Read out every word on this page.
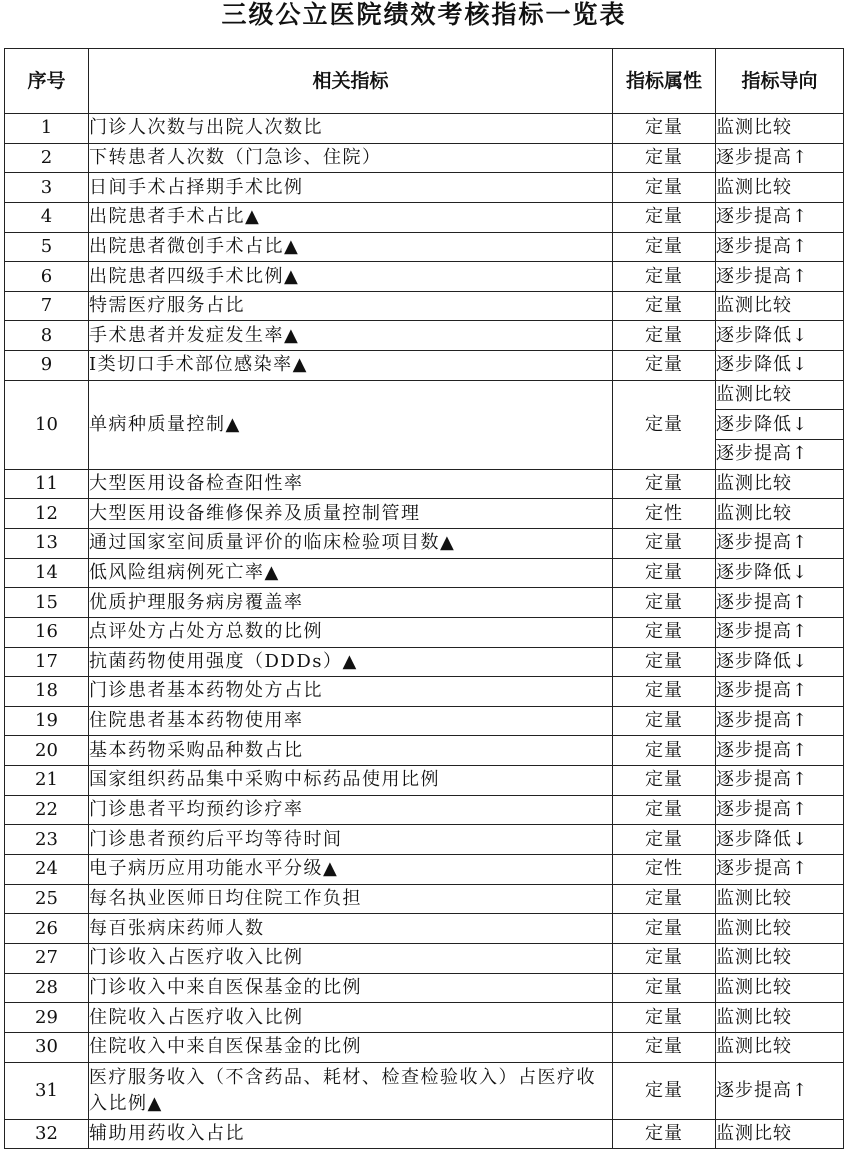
三级公立医院绩效考核指标一览表
序号	相关指标	指标属性	指标导向
1	门诊人次数与出院人次数比	定量	监测比较
2	下转患者人次数（门急诊、住院）	定量	逐步提高↑
3	日间手术占择期手术比例	定量	监测比较
4	出院患者手术占比▲	定量	逐步提高↑
5	出院患者微创手术占比▲	定量	逐步提高↑
6	出院患者四级手术比例▲	定量	逐步提高↑
7	特需医疗服务占比	定量	监测比较
8	手术患者并发症发生率▲	定量	逐步降低↓
9	I类切口手术部位感染率▲	定量	逐步降低↓
10	单病种质量控制▲	定量	监测比较
			逐步降低↓
			逐步提高↑
11	大型医用设备检查阳性率	定量	监测比较
12	大型医用设备维修保养及质量控制管理	定性	监测比较
13	通过国家室间质量评价的临床检验项目数▲	定量	逐步提高↑
14	低风险组病例死亡率▲	定量	逐步降低↓
15	优质护理服务病房覆盖率	定量	逐步提高↑
16	点评处方占处方总数的比例	定量	逐步提高↑
17	抗菌药物使用强度（DDDs）▲	定量	逐步降低↓
18	门诊患者基本药物处方占比	定量	逐步提高↑
19	住院患者基本药物使用率	定量	逐步提高↑
20	基本药物采购品种数占比	定量	逐步提高↑
21	国家组织药品集中采购中标药品使用比例	定量	逐步提高↑
22	门诊患者平均预约诊疗率	定量	逐步提高↑
23	门诊患者预约后平均等待时间	定量	逐步降低↓
24	电子病历应用功能水平分级▲	定性	逐步提高↑
25	每名执业医师日均住院工作负担	定量	监测比较
26	每百张病床药师人数	定量	监测比较
27	门诊收入占医疗收入比例	定量	监测比较
28	门诊收入中来自医保基金的比例	定量	监测比较
29	住院收入占医疗收入比例	定量	监测比较
30	住院收入中来自医保基金的比例	定量	监测比较
31	医疗服务收入（不含药品、耗材、检查检验收入）占医疗收入比例▲	定量	逐步提高↑
32	辅助用药收入占比	定量	监测比较
